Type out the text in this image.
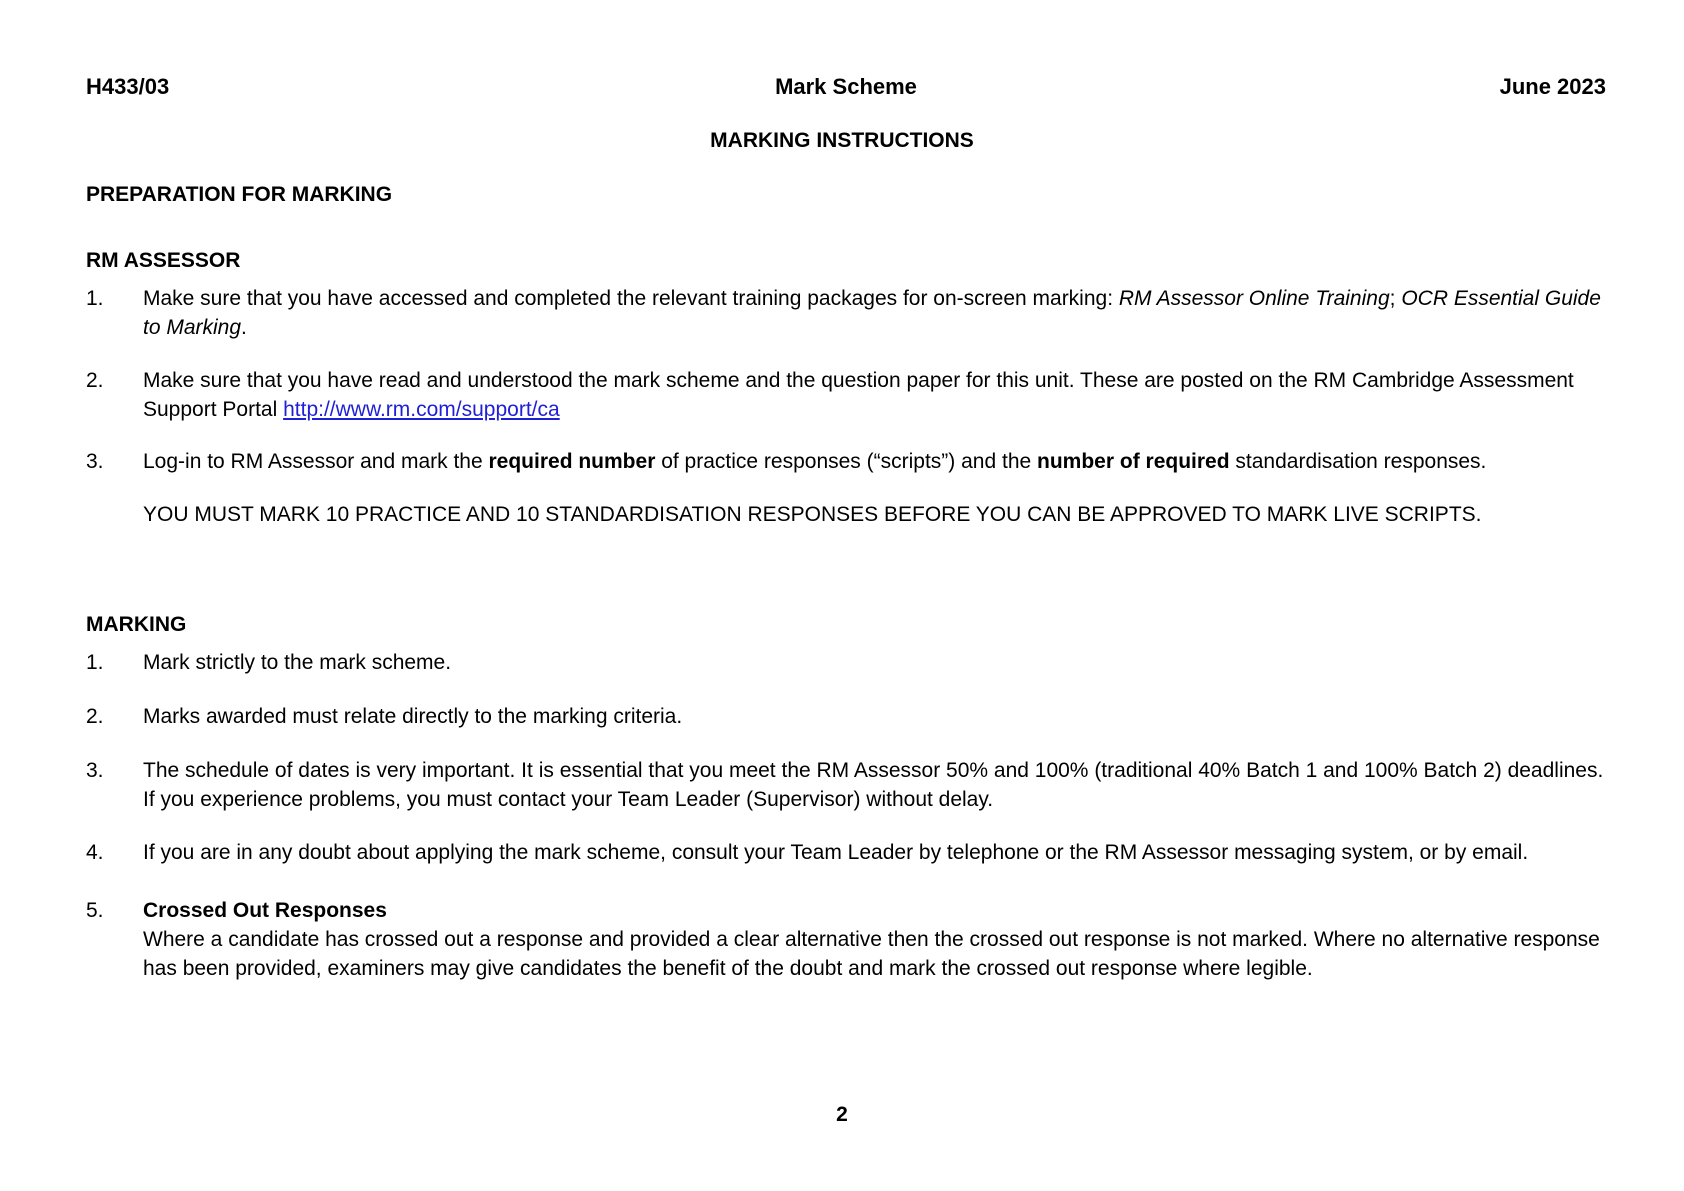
H433/03	Mark Scheme	June 2023
MARKING INSTRUCTIONS
PREPARATION FOR MARKING
RM ASSESSOR
1. Make sure that you have accessed and completed the relevant training packages for on-screen marking: RM Assessor Online Training; OCR Essential Guide to Marking.

2. Make sure that you have read and understood the mark scheme and the question paper for this unit. These are posted on the RM Cambridge Assessment Support Portal http://www.rm.com/support/ca

3. Log-in to RM Assessor and mark the required number of practice responses (“scripts”) and the number of required standardisation responses.

YOU MUST MARK 10 PRACTICE AND 10 STANDARDISATION RESPONSES BEFORE YOU CAN BE APPROVED TO MARK LIVE SCRIPTS.

MARKING
1. Mark strictly to the mark scheme.

2. Marks awarded must relate directly to the marking criteria.

3. The schedule of dates is very important. It is essential that you meet the RM Assessor 50% and 100% (traditional 40% Batch 1 and 100% Batch 2) deadlines. If you experience problems, you must contact your Team Leader (Supervisor) without delay.

4. If you are in any doubt about applying the mark scheme, consult your Team Leader by telephone or the RM Assessor messaging system, or by email.

5. Crossed Out Responses

Where a candidate has crossed out a response and provided a clear alternative then the crossed out response is not marked. Where no alternative response has been provided, examiners may give candidates the benefit of the doubt and mark the crossed out response where legible.

2
